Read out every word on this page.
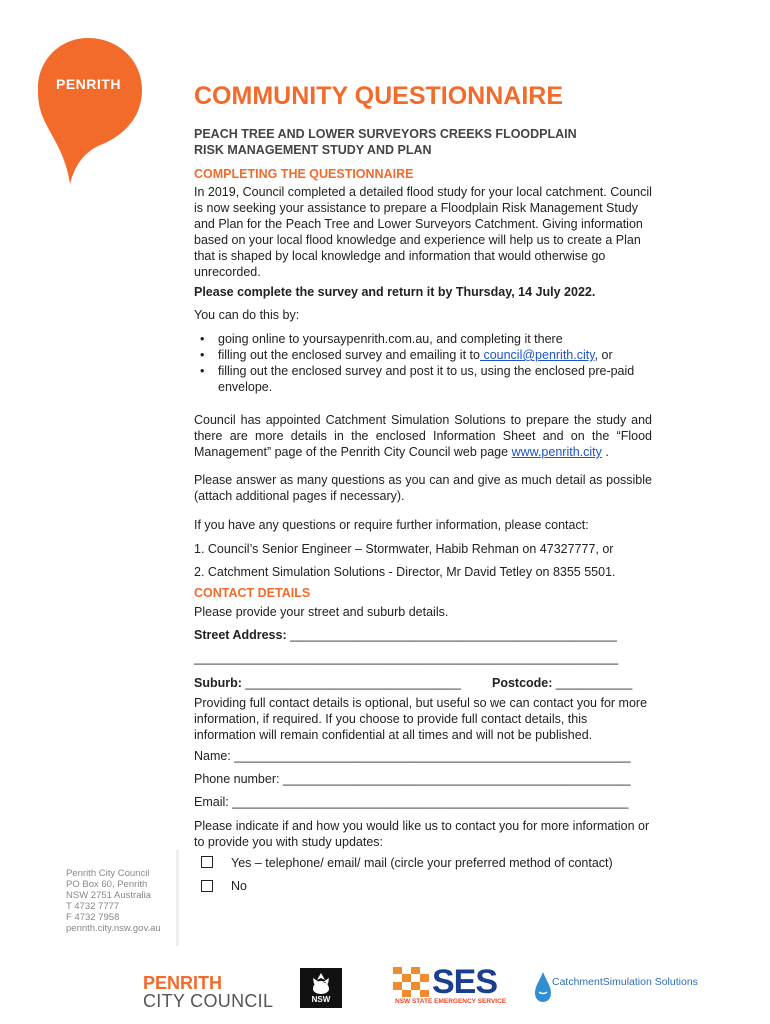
PENRITH	COMMUNITY QUESTIONNAIRE
PEACH TREE AND LOWER SURVEYORS CREEKS FLOODPLAIN
RISK MANAGEMENT STUDY AND PLAN
COMPLETING THE QUESTIONNAIRE
In 2019, Council completed a detailed flood study for your local catchment. Council is now seeking your assistance to prepare a Floodplain Risk Management Study and Plan for the Peach Tree and Lower Surveyors Catchment. Giving information based on your local flood knowledge and experience will help us to create a Plan that is shaped by local knowledge and information that would otherwise go unrecorded.
Please complete the survey and return it by Thursday, 14 July 2022.
You can do this by:
• going online to yoursaypenrith.com.au, and completing it there
• filling out the enclosed survey and emailing it to council@penrith.city, or
• filling out the enclosed survey and post it to us, using the enclosed pre-paid envelope.
Council has appointed Catchment Simulation Solutions to prepare the study and there are more details in the enclosed Information Sheet and on the “Flood Management” page of the Penrith City Council web page www.penrith.city .
Please answer as many questions as you can and give as much detail as possible (attach additional pages if necessary).
If you have any questions or require further information, please contact:
1. Council’s Senior Engineer – Stormwater, Habib Rehman on 47327777, or
2. Catchment Simulation Solutions - Director, Mr David Tetley on 8355 5501.
CONTACT DETAILS
Please provide your street and suburb details.
Street Address: _______________________________________________
_____________________________________________________________
Suburb: _______________________________	Postcode: ___________
Providing full contact details is optional, but useful so we can contact you for more information, if required. If you choose to provide full contact details, this information will remain confidential at all times and will not be published.
Name: _________________________________________________________
Phone number: __________________________________________________
Email: _________________________________________________________
Please indicate if and how you would like us to contact you for more information or to provide you with study updates:
Yes – telephone/ email/ mail (circle your preferred method of contact)
No
Penrith City Council
PO Box 60, Penrith
NSW 2751 Australia
T 4732 7777
F 4732 7958
penrith.city.nsw.gov.au
PENRITH
CITY COUNCIL	NSW	SES
NSW STATE EMERGENCY SERVICE
CatchmentSimulation Solutions
